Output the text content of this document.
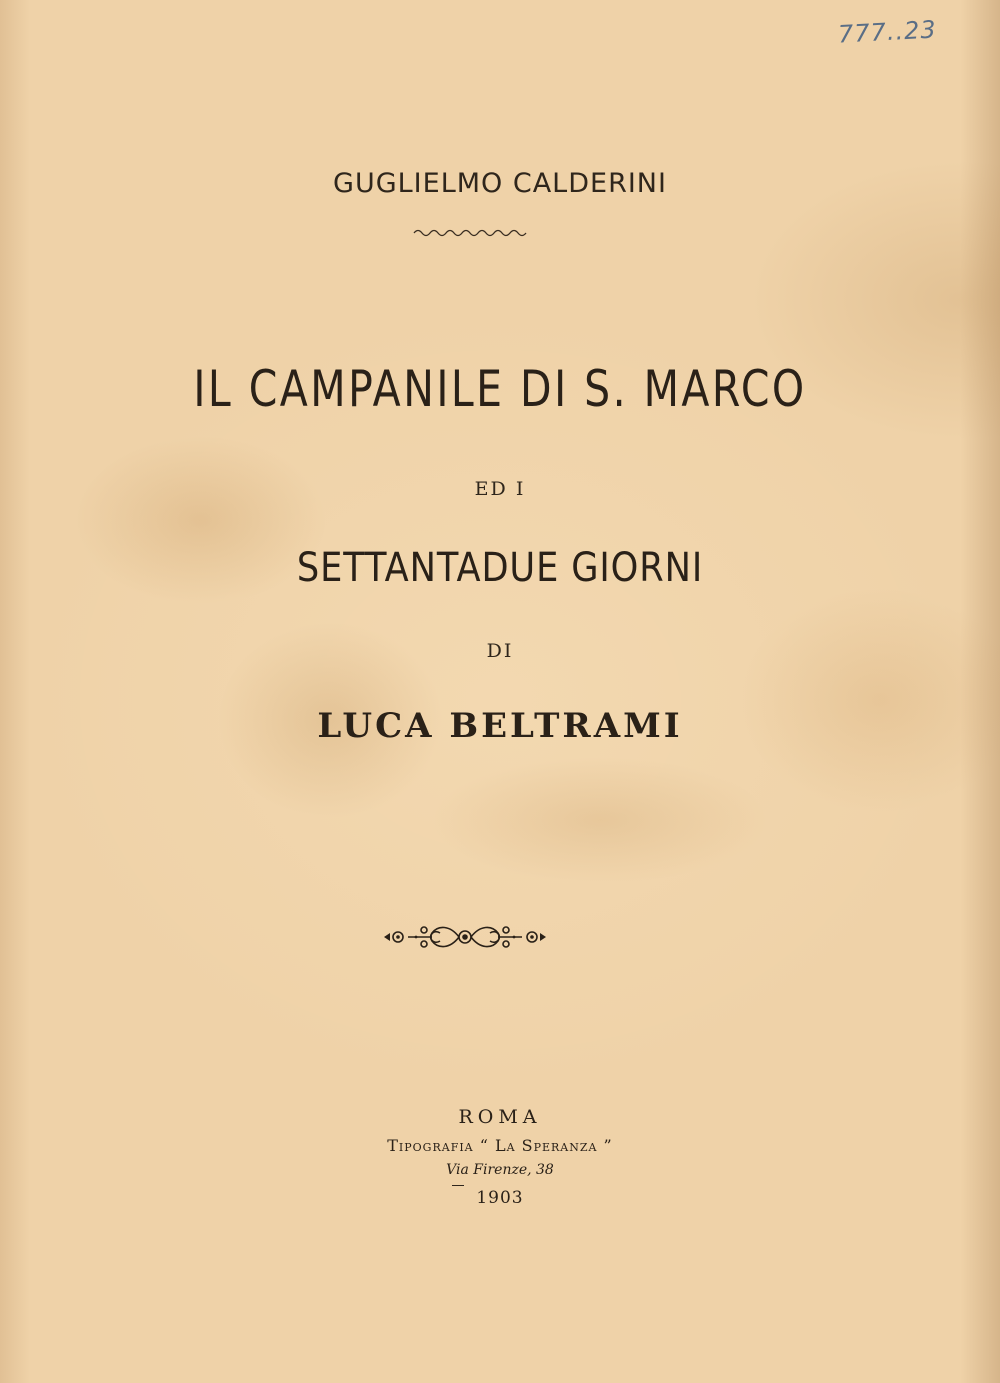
777..23
GUGLIELMO CALDERINI
IL CAMPANILE DI S. MARCO
ED I
SETTANTADUE GIORNI
DI
LUCA BELTRAMI
ROMA
Tipografia “ La Speranza ”
Via Firenze, 38
1903
